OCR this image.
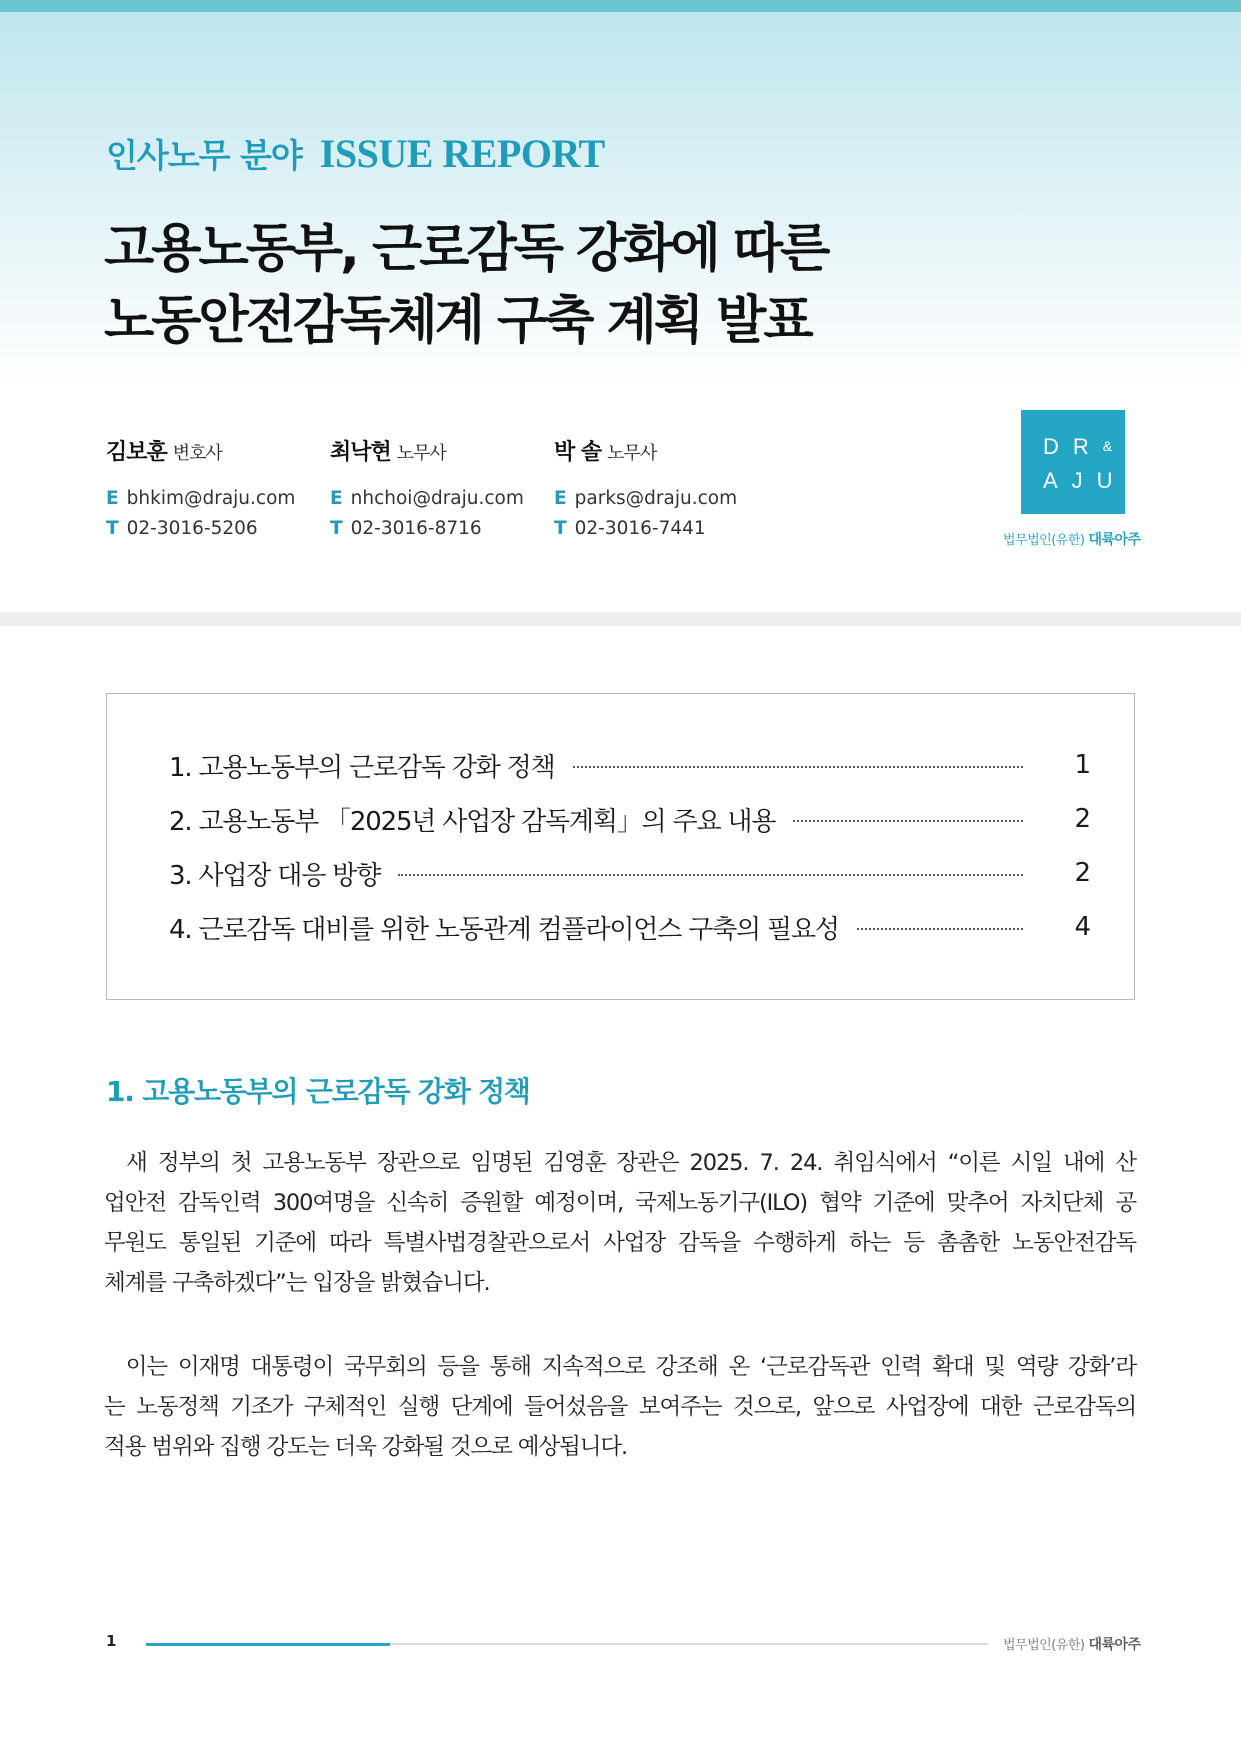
인사노무 분야 ISSUE REPORT
고용노동부, 근로감독 강화에 따른
노동안전감독체계 구축 계획 발표
김보훈 변호사
E bhkim@draju.com
T 02-3016-5206
최낙현 노무사
E nhchoi@draju.com
T 02-3016-8716
박 솔 노무사
E parks@draju.com
T 02-3016-7441
DR&
AJU
법무법인(유한) 대륙아주
1. 고용노동부의 근로감독 강화 정책	1
2. 고용노동부 「2025년 사업장 감독계획」의 주요 내용	2
3. 사업장 대응 방향	2
4. 근로감독 대비를 위한 노동관계 컴플라이언스 구축의 필요성	4
1. 고용노동부의 근로감독 강화 정책
새 정부의 첫 고용노동부 장관으로 임명된 김영훈 장관은 2025. 7. 24. 취임식에서 “이른 시일 내에 산
업안전 감독인력 300여명을 신속히 증원할 예정이며, 국제노동기구(ILO) 협약 기준에 맞추어 자치단체 공
무원도 통일된 기준에 따라 특별사법경찰관으로서 사업장 감독을 수행하게 하는 등 촘촘한 노동안전감독
체계를 구축하겠다”는 입장을 밝혔습니다.
이는 이재명 대통령이 국무회의 등을 통해 지속적으로 강조해 온 ‘근로감독관 인력 확대 및 역량 강화’라
는 노동정책 기조가 구체적인 실행 단계에 들어섰음을 보여주는 것으로, 앞으로 사업장에 대한 근로감독의
적용 범위와 집행 강도는 더욱 강화될 것으로 예상됩니다.
1	법무법인(유한) 대륙아주
